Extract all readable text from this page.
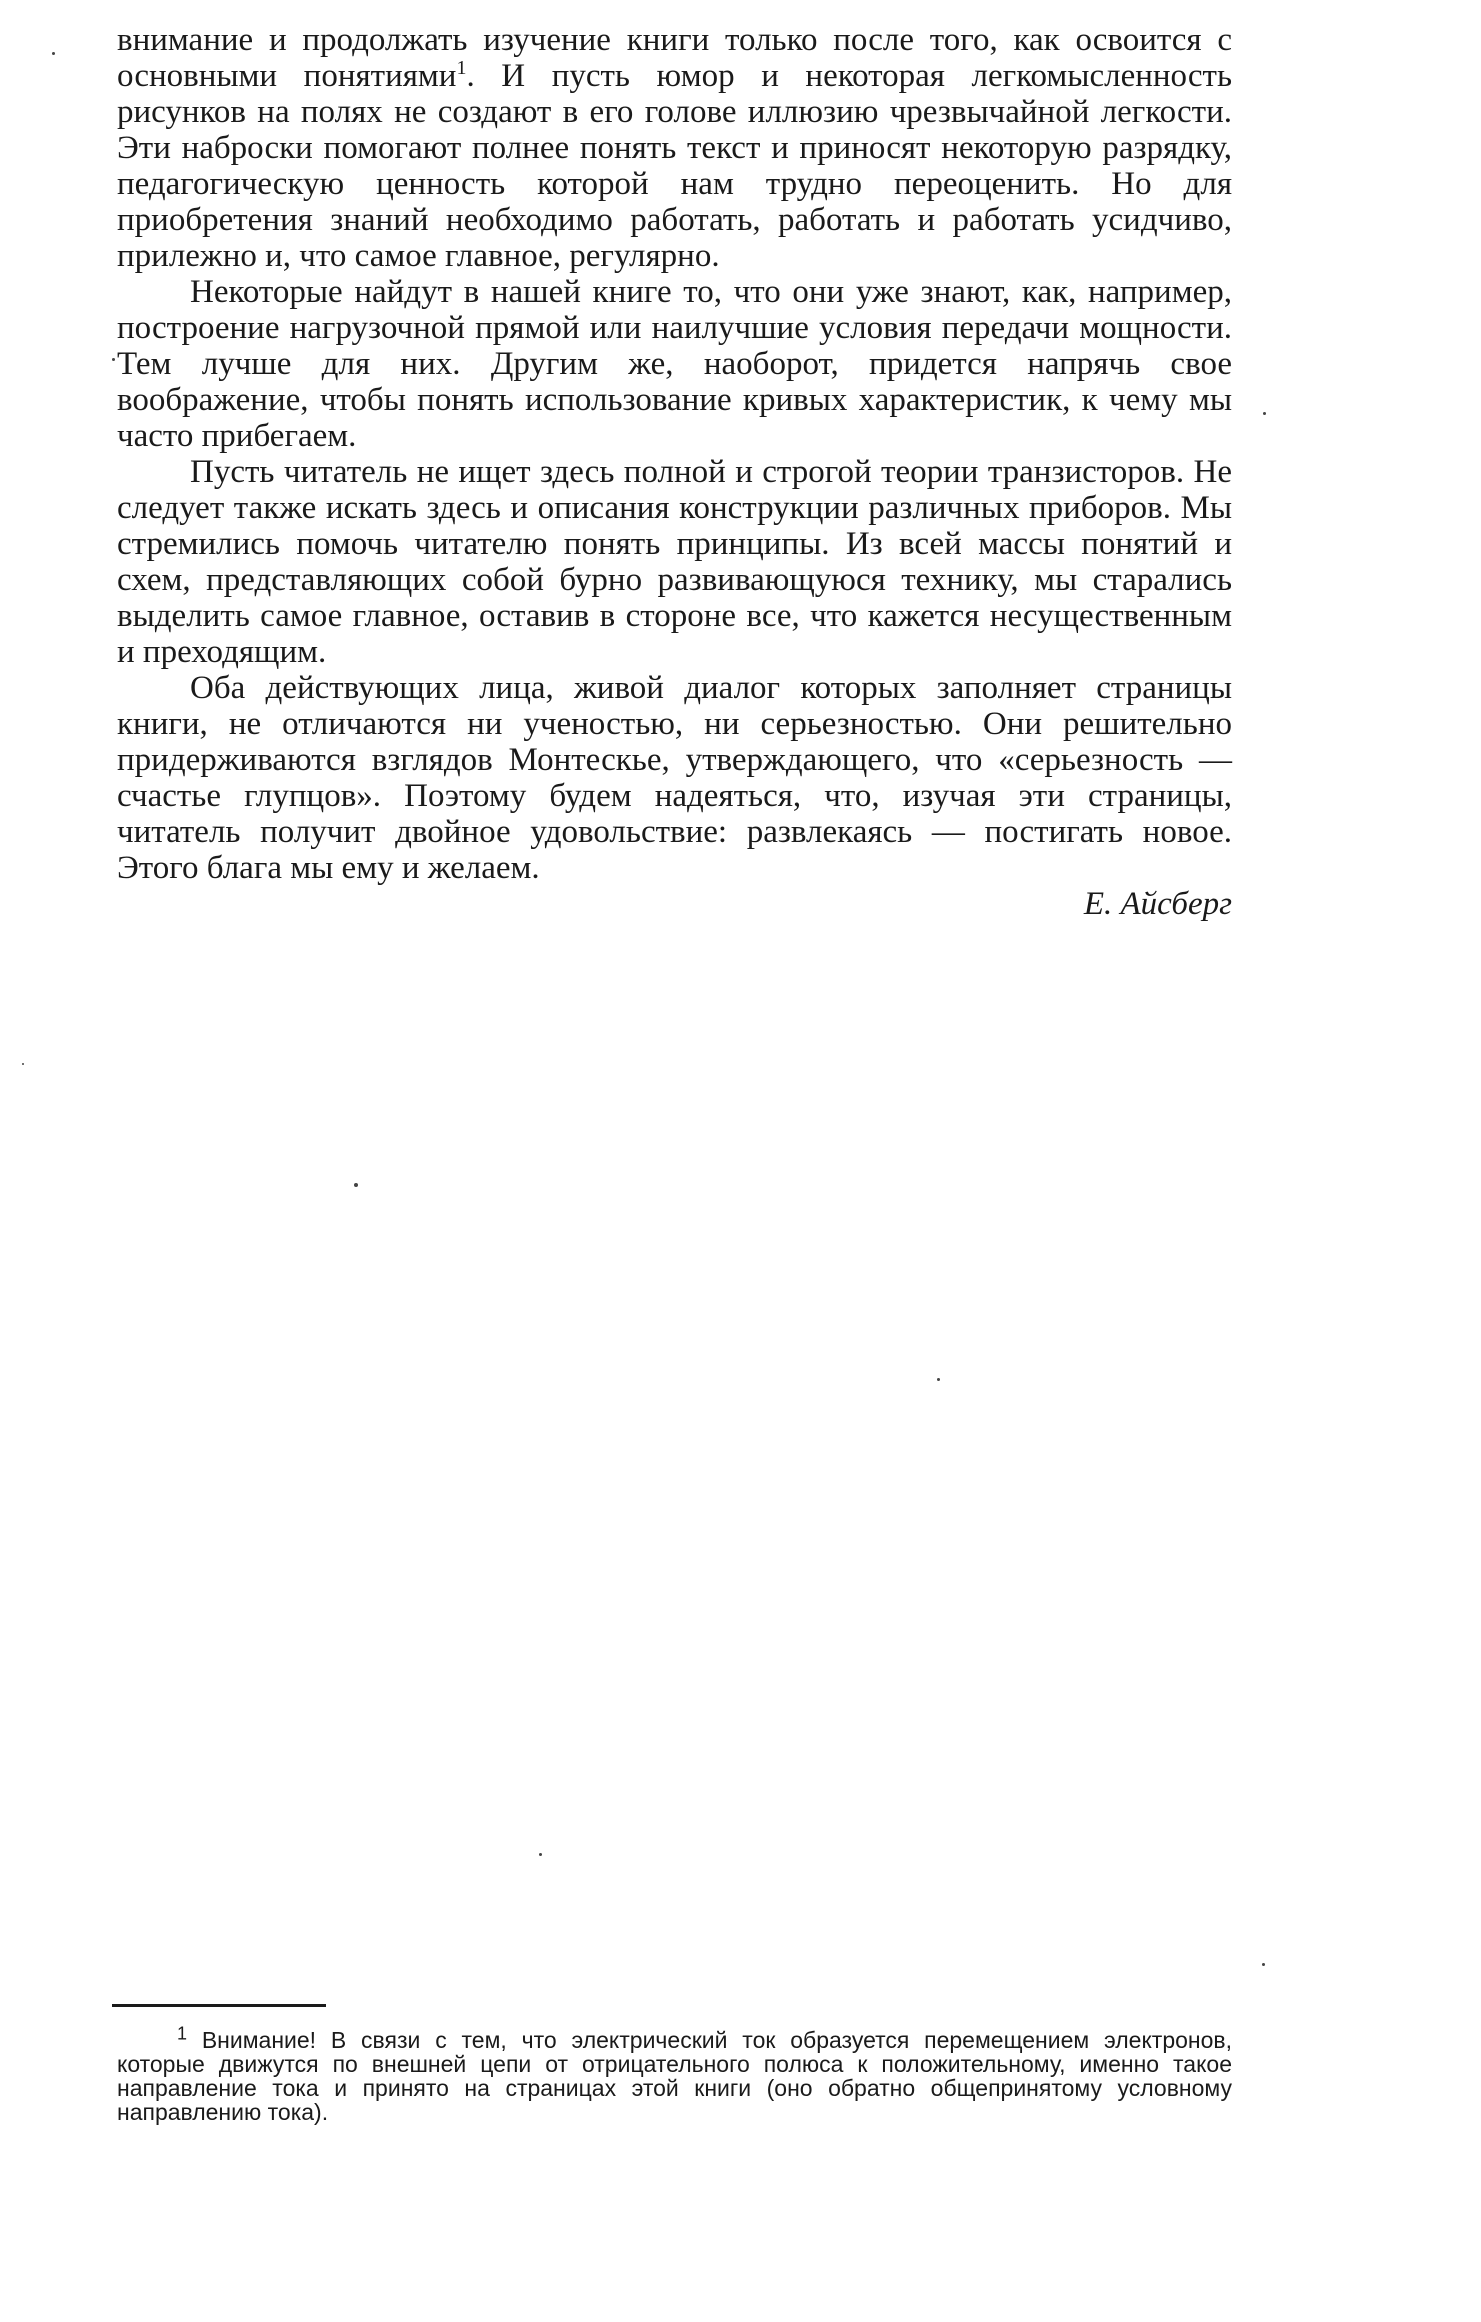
внимание и продолжать изучение книги только после того, как освоится с основными понятиями$^1$. И пусть юмор и некоторая легкомысленность рисунков на полях не создают в его голове иллюзию чрезвычайной легкости. Эти наброски помогают полнее понять текст и приносят некоторую разрядку, педагогическую ценность которой нам трудно переоценить. Но для приобретения знаний необходимо работать, работать и работать усидчиво, прилежно и, что самое главное, регулярно.

Некоторые найдут в нашей книге то, что они уже знают, как, например, построение нагрузочной прямой или наилучшие условия передачи мощности. Тем лучше для них. Другим же, наоборот, придется напрячь свое воображение, чтобы понять использование кривых характеристик, к чему мы часто прибегаем.

Пусть читатель не ищет здесь полной и строгой теории транзисторов. Не следует также искать здесь и описания конструкции различных приборов. Мы стремились помочь читателю понять принципы. Из всей массы понятий и схем, представляющих собой бурно развивающуюся технику, мы старались выделить самое главное, оставив в стороне все, что кажется несущественным и преходящим.

Оба действующих лица, живой диалог которых заполняет страницы книги, не отличаются ни ученостью, ни серьезностью. Они решительно придерживаются взглядов Монтескье, утверждающего, что «серьезность — счастье глупцов». Поэтому будем надеяться, что, изучая эти страницы, читатель получит двойное удовольствие: развлекаясь — постигать новое. Этого блага мы ему и желаем.

Е. Айсберг

$^1$ Внимание! В связи с тем, что электрический ток образуется перемещением электронов, которые движутся по внешней цепи от отрицательного полюса к положительному, именно такое направление тока и принято на страницах этой книги (оно обратно общепринятому условному направлению тока).
